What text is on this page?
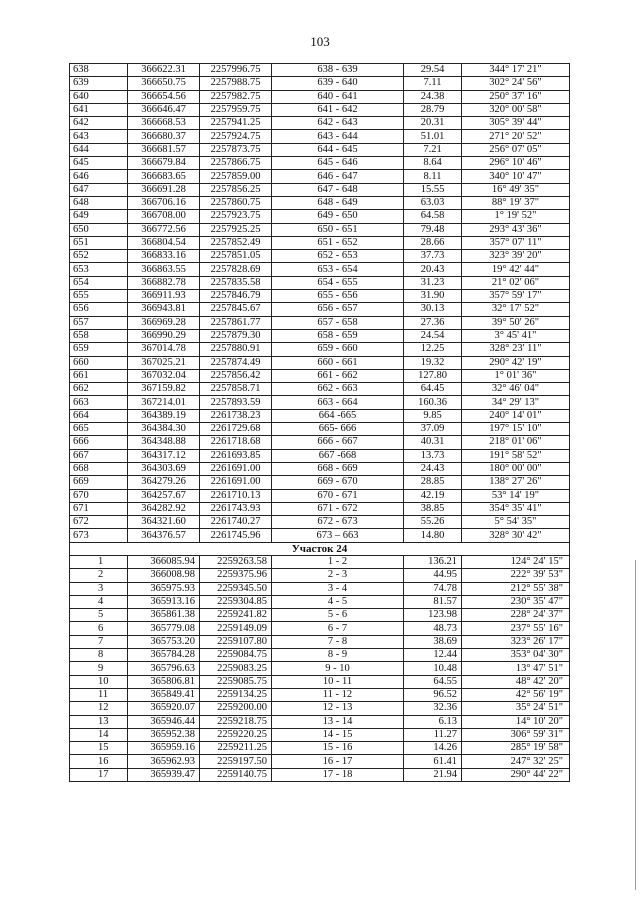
103
638	366622.31	2257996.75	638 - 639	29.54	344° 17' 21"
639	366650.75	2257988.75	639 - 640	7.11	302° 24' 56"
640	366654.56	2257982.75	640 - 641	24.38	250° 37' 16"
641	366646.47	2257959.75	641 - 642	28.79	320° 00' 58"
642	366668.53	2257941.25	642 - 643	20.31	305° 39' 44"
643	366680.37	2257924.75	643 - 644	51.01	271° 20' 52"
644	366681.57	2257873.75	644 - 645	7.21	256° 07' 05"
645	366679.84	2257866.75	645 - 646	8.64	296° 10' 46"
646	366683.65	2257859.00	646 - 647	8.11	340° 10' 47"
647	366691.28	2257856.25	647 - 648	15.55	16° 49' 35"
648	366706.16	2257860.75	648 - 649	63.03	88° 19' 37"
649	366708.00	2257923.75	649 - 650	64.58	1° 19' 52"
650	366772.56	2257925.25	650 - 651	79.48	293° 43' 36"
651	366804.54	2257852.49	651 - 652	28.66	357° 07' 11"
652	366833.16	2257851.05	652 - 653	37.73	323° 39' 20"
653	366863.55	2257828.69	653 - 654	20.43	19° 42' 44"
654	366882.78	2257835.58	654 - 655	31.23	21° 02' 06"
655	366911.93	2257846.79	655 - 656	31.90	357° 59' 17"
656	366943.81	2257845.67	656 - 657	30.13	32° 17' 52"
657	366969.28	2257861.77	657 - 658	27.36	39° 50' 26"
658	366990.29	2257879.30	658 - 659	24.54	3° 45' 41"
659	367014.78	2257880.91	659 - 660	12.25	328° 23' 11"
660	367025.21	2257874.49	660 - 661	19.32	290° 42' 19"
661	367032.04	2257856.42	661 - 662	127.80	1° 01' 36"
662	367159.82	2257858.71	662 - 663	64.45	32° 46' 04"
663	367214.01	2257893.59	663 - 664	160.36	34° 29' 13"
664	364389.19	2261738.23	664 -665	9.85	240° 14' 01"
665	364384.30	2261729.68	665- 666	37.09	197° 15' 10"
666	364348.88	2261718.68	666 - 667	40.31	218° 01' 06"
667	364317.12	2261693.85	667 -668	13.73	191° 58' 52"
668	364303.69	2261691.00	668 - 669	24.43	180° 00' 00"
669	364279.26	2261691.00	669 - 670	28.85	138° 27' 26"
670	364257.67	2261710.13	670 - 671	42.19	53° 14' 19"
671	364282.92	2261743.93	671 - 672	38.85	354° 35' 41"
672	364321.60	2261740.27	672 - 673	55.26	5° 54' 35"
673	364376.57	2261745.96	673 – 663	14.80	328° 30' 42"
Участок 24					
1	366085.94	2259263.58	1 - 2	136.21	124° 24' 15"
2	366008.98	2259375.96	2 - 3	44.95	222° 39' 53"
3	365975.93	2259345.50	3 - 4	74.78	212° 55' 38"
4	365913.16	2259304.85	4 - 5	81.57	230° 35' 47"
5	365861.38	2259241.82	5 - 6	123.98	228° 24' 37"
6	365779.08	2259149.09	6 - 7	48.73	237° 55' 16"
7	365753.20	2259107.80	7 - 8	38.69	323° 26' 17"
8	365784.28	2259084.75	8 - 9	12.44	353° 04' 30"
9	365796.63	2259083.25	9 - 10	10.48	13° 47' 51"
10	365806.81	2259085.75	10 - 11	64.55	48° 42' 20"
11	365849.41	2259134.25	11 - 12	96.52	42° 56' 19"
12	365920.07	2259200.00	12 - 13	32.36	35° 24' 51"
13	365946.44	2259218.75	13 - 14	6.13	14° 10' 20"
14	365952.38	2259220.25	14 - 15	11.27	306° 59' 31"
15	365959.16	2259211.25	15 - 16	14.26	285° 19' 58"
16	365962.93	2259197.50	16 - 17	61.41	247° 32' 25"
17	365939.47	2259140.75	17 - 18	21.94	290° 44' 22"
